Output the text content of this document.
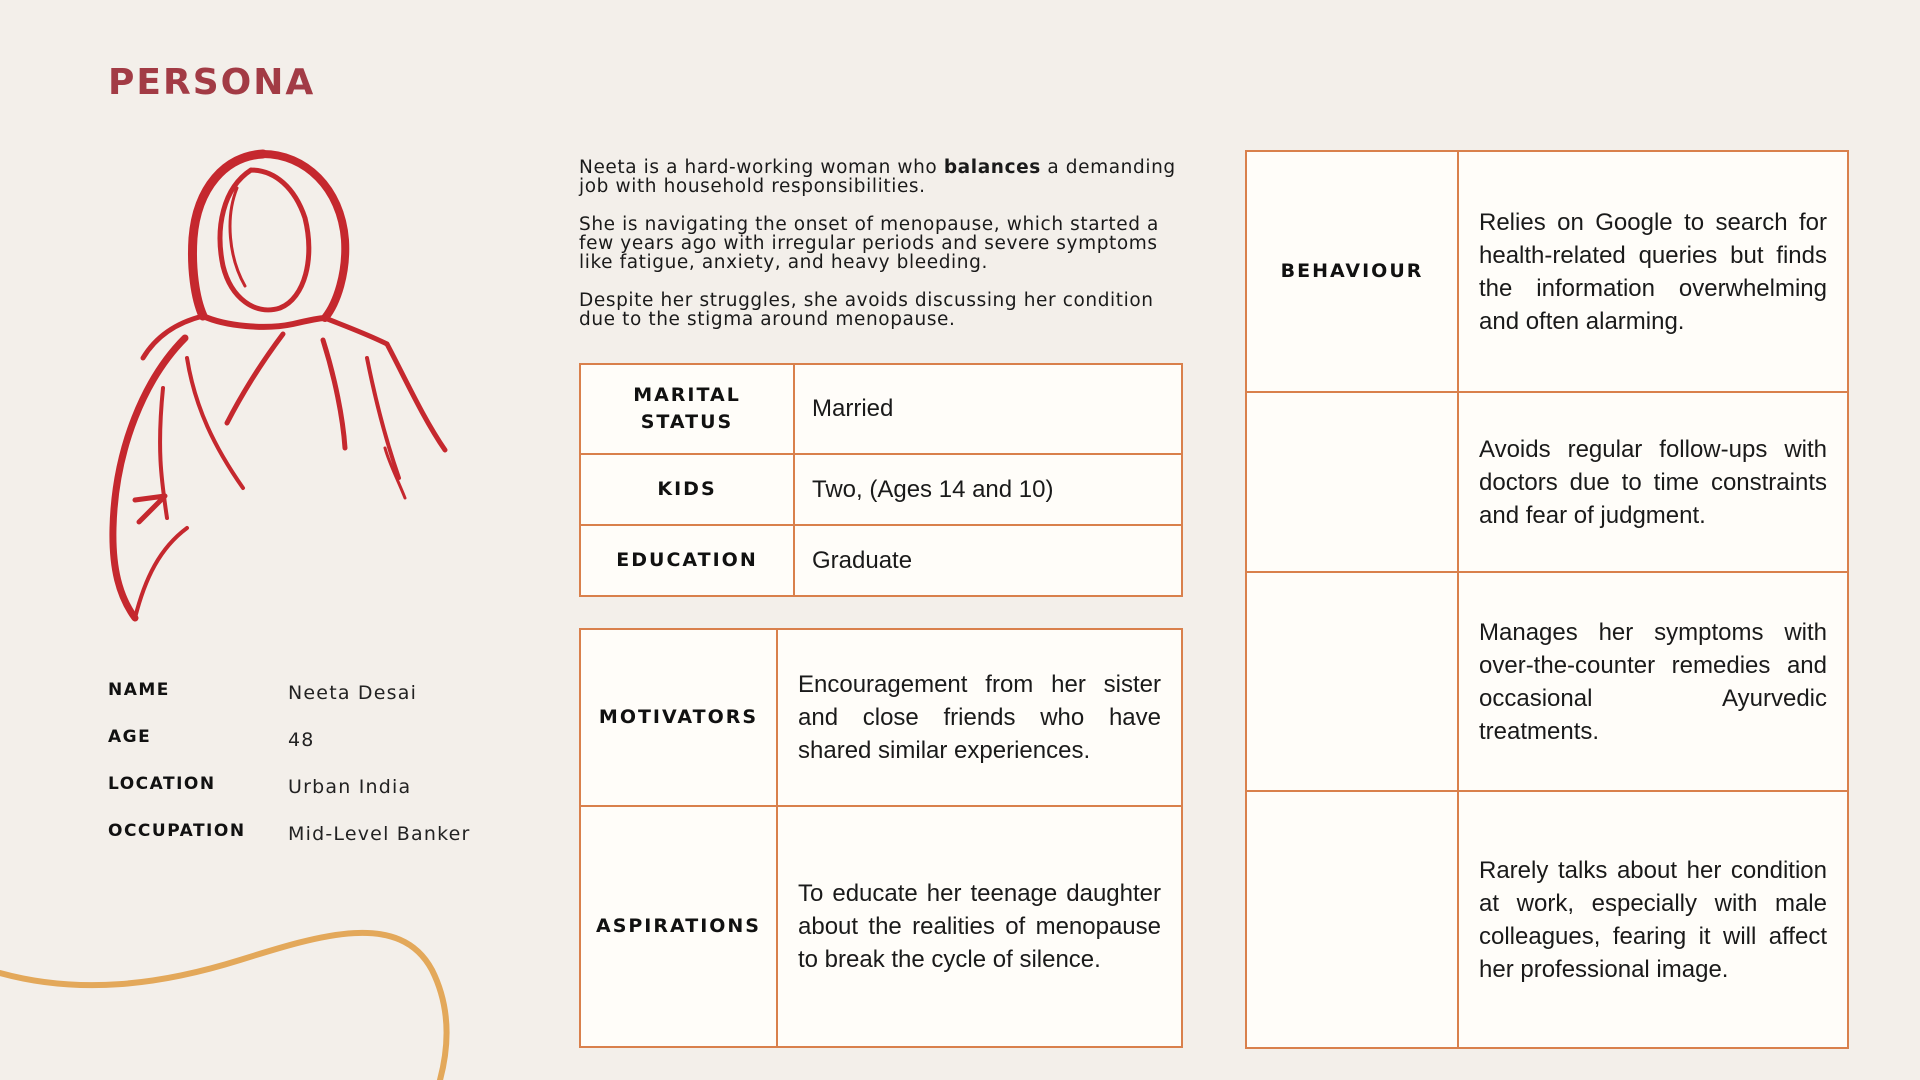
PERSONA
NAME	Neeta Desai
AGE	48
LOCATION	Urban India
OCCUPATION	Mid-Level Banker

Neeta is a hard-working woman who balances a demanding job with household responsibilities.

She is navigating the onset of menopause, which started a few years ago with irregular periods and severe symptoms like fatigue, anxiety, and heavy bleeding.

Despite her struggles, she avoids discussing her condition due to the stigma around menopause.

MARITAL STATUS	Married
KIDS	Two, (Ages 14 and 10)
EDUCATION	Graduate
MOTIVATORS	Encouragement from her sister and close friends who have shared similar experiences.
ASPIRATIONS	To educate her teenage daughter about the realities of menopause to break the cycle of silence.
BEHAVIOUR	Relies on Google to search for health-related queries but finds the information overwhelming and often alarming.
	Avoids regular follow-ups with doctors due to time constraints and fear of judgment.
	Manages her symptoms with over-the-counter remedies and occasional Ayurvedic treatments.
	Rarely talks about her condition at work, especially with male colleagues, fearing it will affect her professional image.
